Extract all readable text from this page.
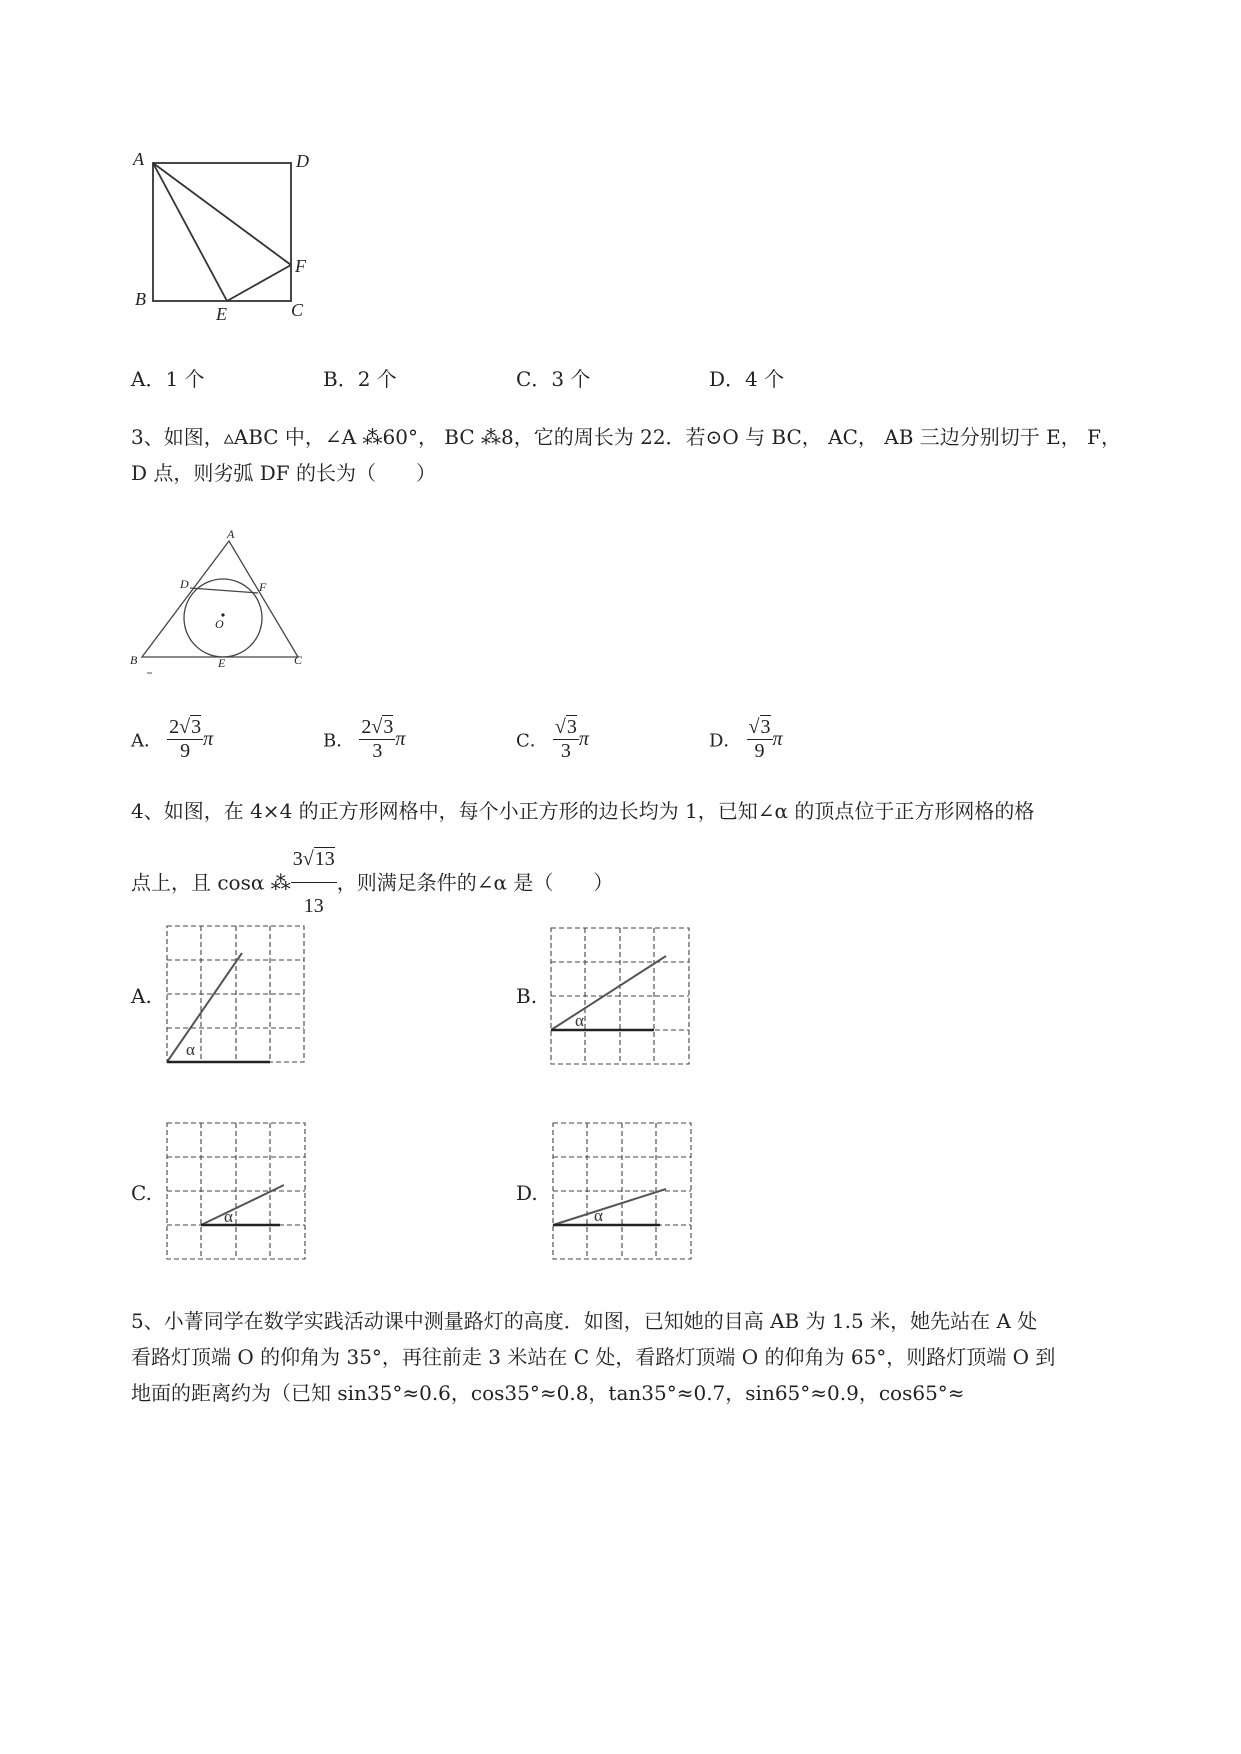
A	D
F
B
E	C
A．1 个	B．2 个	C．3 个	D．4 个
3、如图，▵ABC 中，∠A ⁂60°， BC ⁂8，它的周长为 22．若⊙O 与 BC， AC， AB 三边分别切于 E， F，
D 点，则劣弧 DF 的长为（　　）
A
D	F
O
B	E	C
A． $\frac{2√3}{9}$ π	B． $\frac{2√3}{3}$ π	C． $\frac{√3}{3}$ π	D． $\frac{√3}{9}$ π
4、如图，在 4×4 的正方形网格中，每个小正方形的边长均为 1，已知∠α 的顶点位于正方形网格的格
点上，且 cosα ⁂ $\frac{3√13}{13}$ ，则满足条件的∠α 是（　　）
A.
α
B.
α
C.
α
D.
α
5、小菁同学在数学实践活动课中测量路灯的高度．如图，已知她的目高 AB 为 1.5 米，她先站在 A 处
看路灯顶端 O 的仰角为 35°，再往前走 3 米站在 C 处，看路灯顶端 O 的仰角为 65°，则路灯顶端 O 到
地面的距离约为（已知 sin35°≈0.6，cos35°≈0.8，tan35°≈0.7，sin65°≈0.9，cos65°≈
